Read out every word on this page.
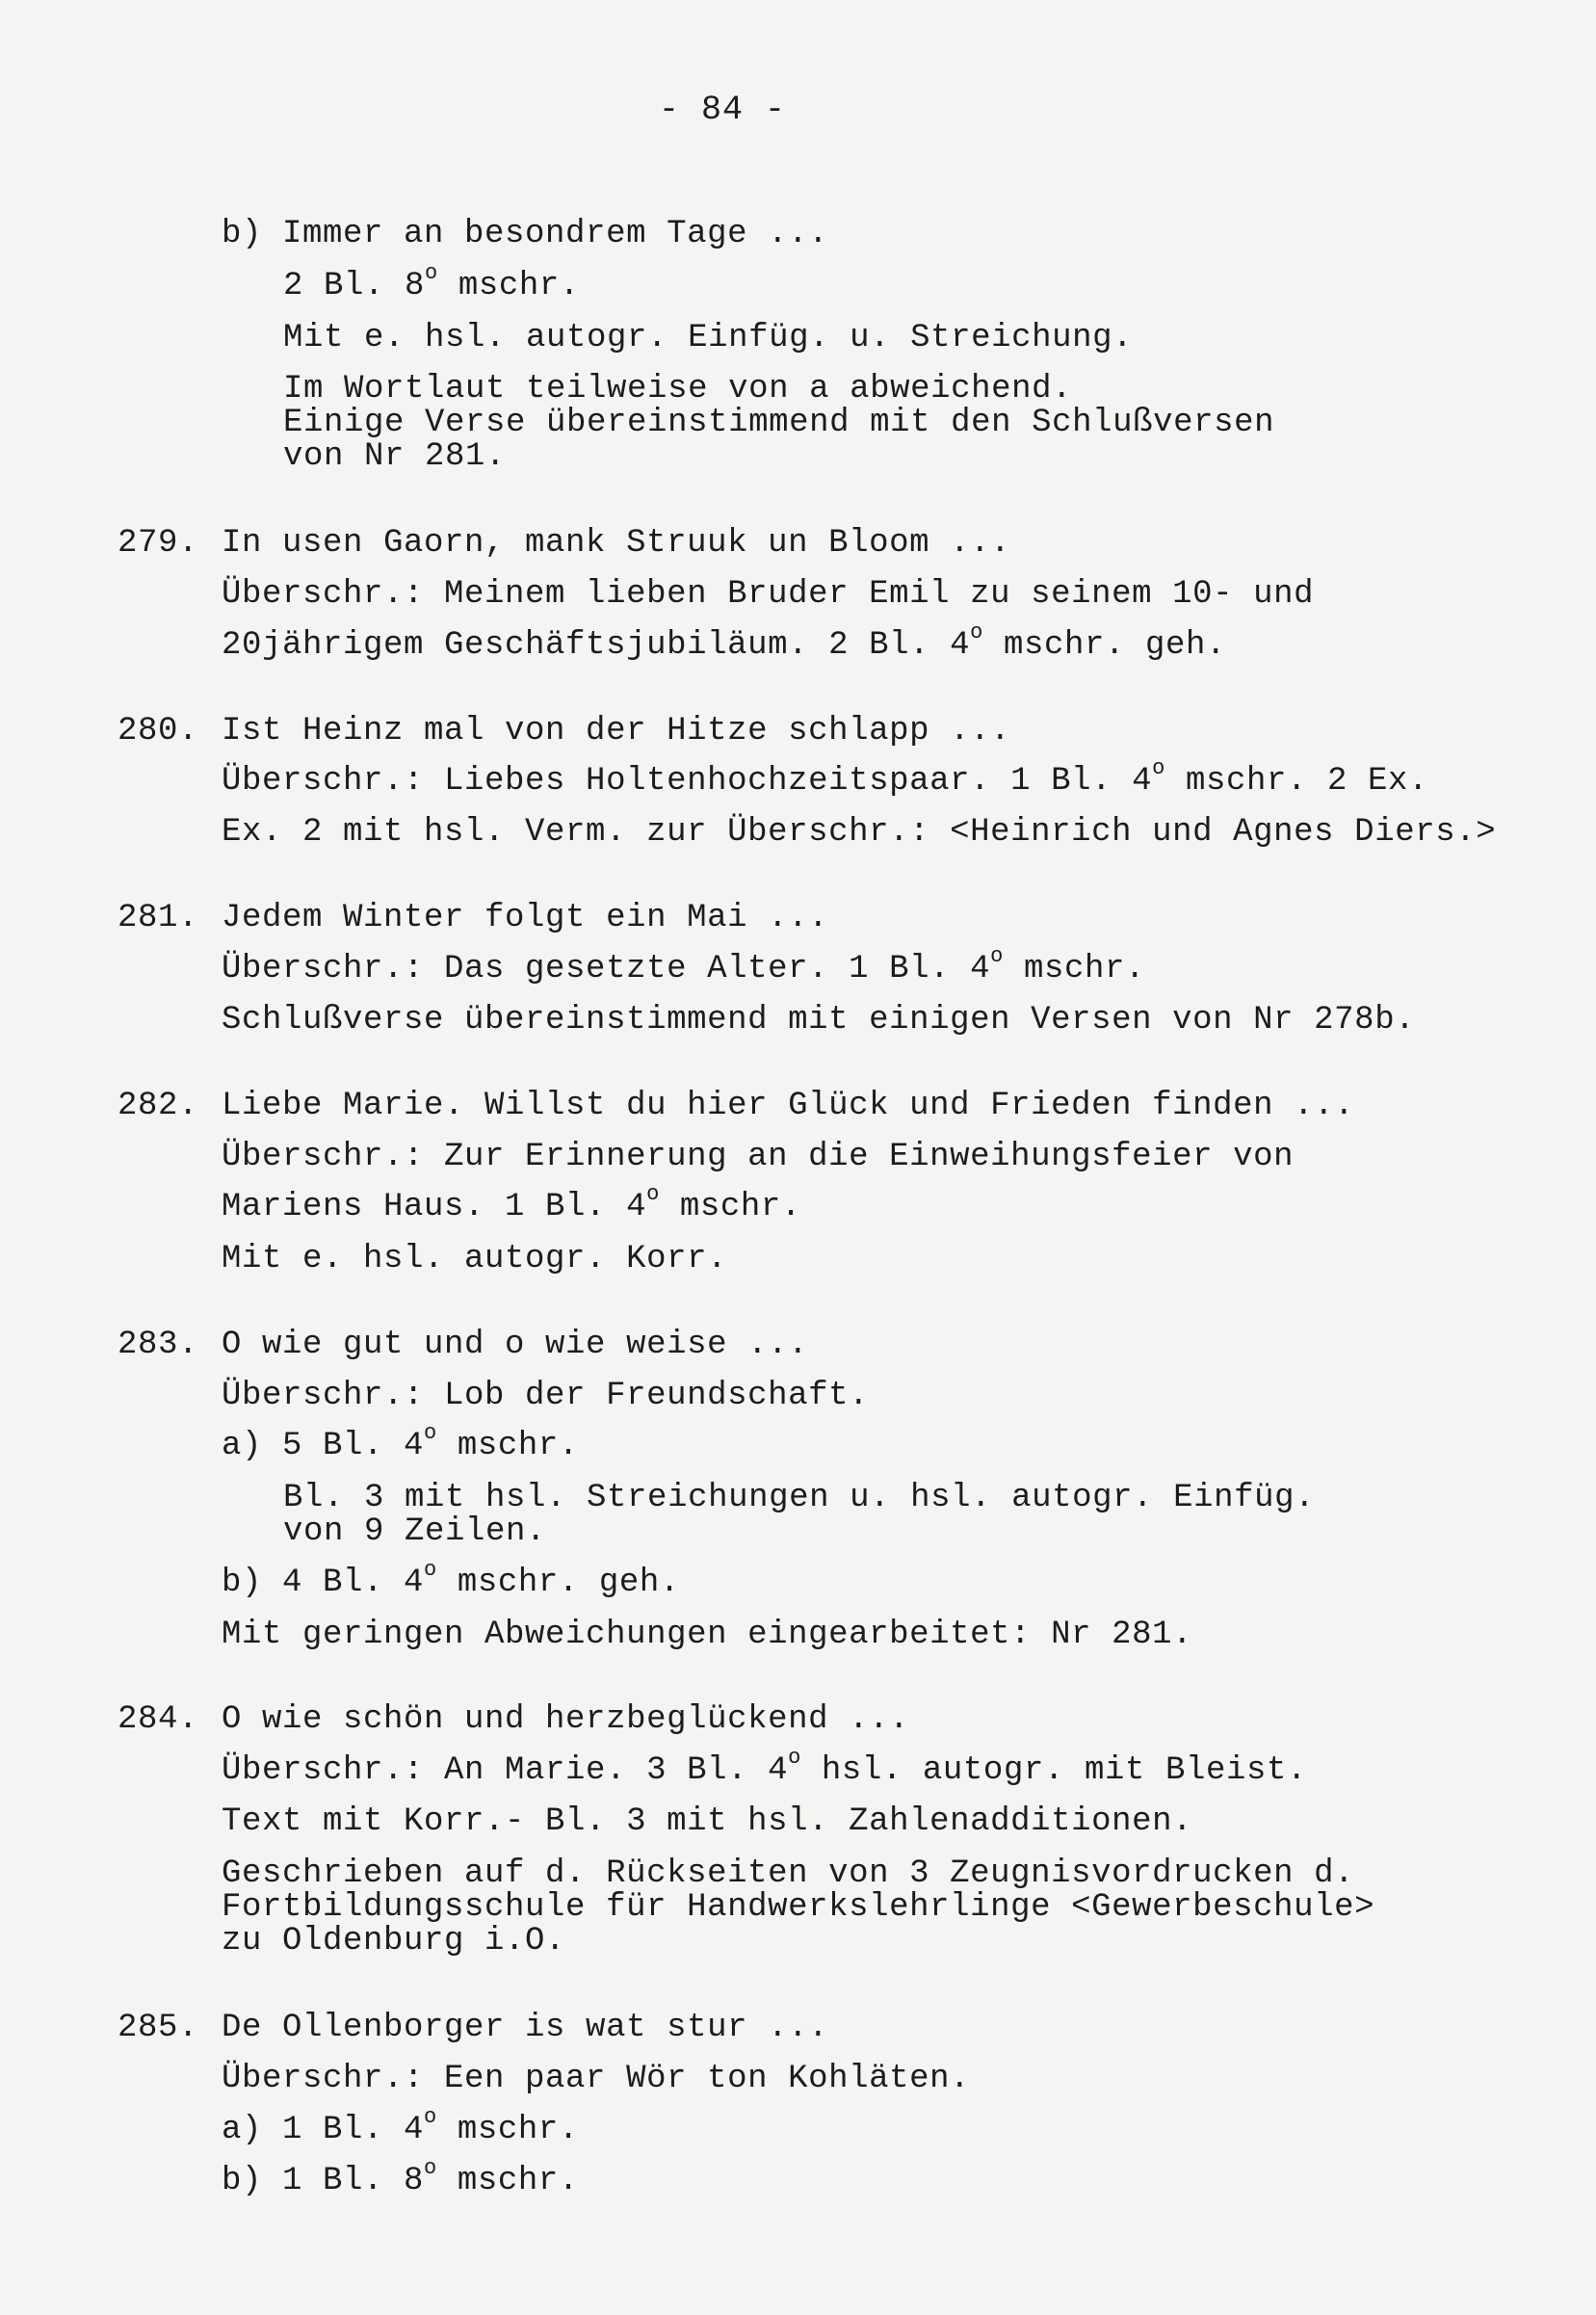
- 84 -
b) Immer an besondrem Tage ...
2 Bl. 8$^o$ mschr.
Mit e. hsl. autogr. Einfüg. u. Streichung.
Im Wortlaut teilweise von a abweichend.
Einige Verse übereinstimmend mit den Schlußversen
von Nr 281.
279. In usen Gaorn, mank Struuk un Bloom ...
Überschr.: Meinem lieben Bruder Emil zu seinem 10- und
20jährigem Geschäftsjubiläum. 2 Bl. 4$^o$ mschr. geh.
280. Ist Heinz mal von der Hitze schlapp ...
Überschr.: Liebes Holtenhochzeitspaar. 1 Bl. 4$^o$ mschr. 2 Ex.
Ex. 2 mit hsl. Verm. zur Überschr.: <Heinrich und Agnes Diers.>
281. Jedem Winter folgt ein Mai ...
Überschr.: Das gesetzte Alter. 1 Bl. 4$^o$ mschr.
Schlußverse übereinstimmend mit einigen Versen von Nr 278b.
282. Liebe Marie. Willst du hier Glück und Frieden finden ...
Überschr.: Zur Erinnerung an die Einweihungsfeier von
Mariens Haus. 1 Bl. 4$^o$ mschr.
Mit e. hsl. autogr. Korr.
283. O wie gut und o wie weise ...
Überschr.: Lob der Freundschaft.
a) 5 Bl. 4$^o$ mschr.
Bl. 3 mit hsl. Streichungen u. hsl. autogr. Einfüg.
von 9 Zeilen.
b) 4 Bl. 4$^o$ mschr. geh.
Mit geringen Abweichungen eingearbeitet: Nr 281.
284. O wie schön und herzbeglückend ...
Überschr.: An Marie. 3 Bl. 4$^o$ hsl. autogr. mit Bleist.
Text mit Korr.- Bl. 3 mit hsl. Zahlenadditionen.
Geschrieben auf d. Rückseiten von 3 Zeugnisvordrucken d.
Fortbildungsschule für Handwerkslehrlinge <Gewerbeschule>
zu Oldenburg i.O.
285. De Ollenborger is wat stur ...
Überschr.: Een paar Wör ton Kohläten.
a) 1 Bl. 4$^o$ mschr.
b) 1 Bl. 8$^o$ mschr.
